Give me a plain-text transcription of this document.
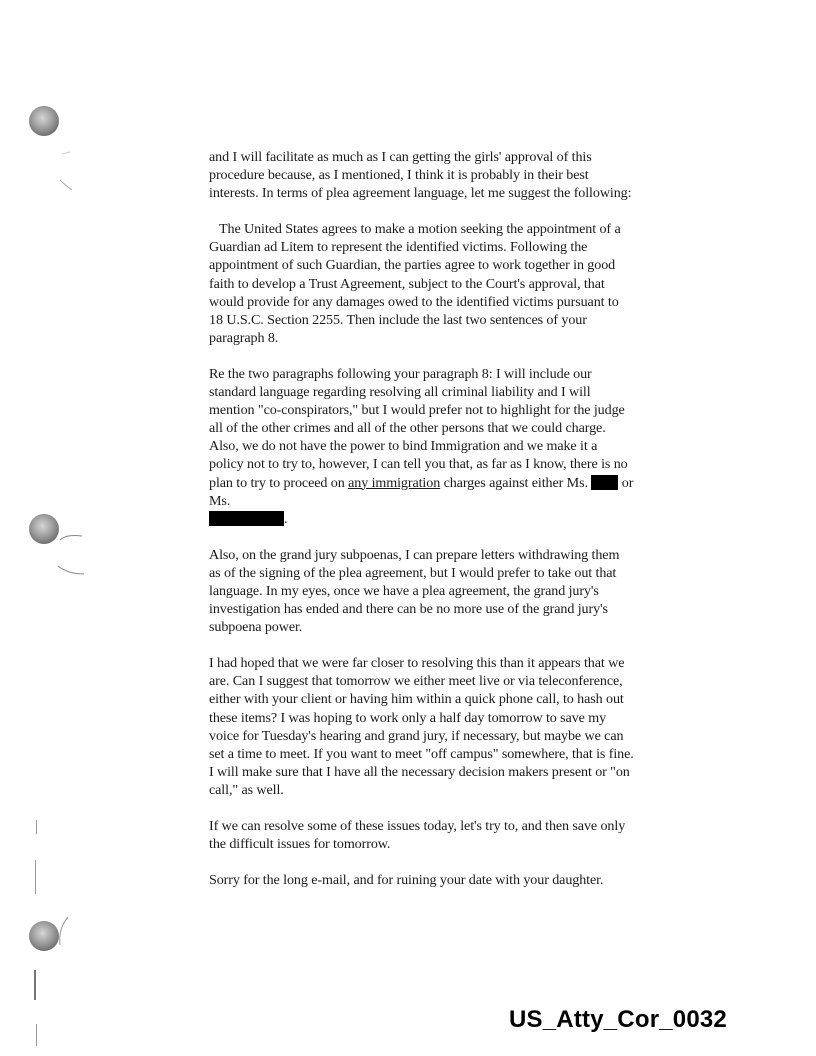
and I will facilitate as much as I can getting the girls' approval of this procedure because, as I mentioned, I think it is probably in their best interests. In terms of plea agreement language, let me suggest the following:

The United States agrees to make a motion seeking the appointment of a Guardian ad Litem to represent the identified victims. Following the appointment of such Guardian, the parties agree to work together in good faith to develop a Trust Agreement, subject to the Court's approval, that would provide for any damages owed to the identified victims pursuant to 18 U.S.C. Section 2255. Then include the last two sentences of your paragraph 8.

Re the two paragraphs following your paragraph 8: I will include our standard language regarding resolving all criminal liability and I will mention "co-conspirators," but I would prefer not to highlight for the judge all of the other crimes and all of the other persons that we could charge. Also, we do not have the power to bind Immigration and we make it a policy not to try to, however, I can tell you that, as far as I know, there is no plan to try to proceed on any immigration charges against either Ms. or Ms.
.

Also, on the grand jury subpoenas, I can prepare letters withdrawing them as of the signing of the plea agreement, but I would prefer to take out that language. In my eyes, once we have a plea agreement, the grand jury's investigation has ended and there can be no more use of the grand jury's subpoena power.

I had hoped that we were far closer to resolving this than it appears that we are. Can I suggest that tomorrow we either meet live or via teleconference, either with your client or having him within a quick phone call, to hash out these items? I was hoping to work only a half day tomorrow to save my voice for Tuesday's hearing and grand jury, if necessary, but maybe we can set a time to meet. If you want to meet "off campus" somewhere, that is fine. I will make sure that I have all the necessary decision makers present or "on call," as well.

If we can resolve some of these issues today, let's try to, and then save only the difficult issues for tomorrow.

Sorry for the long e-mail, and for ruining your date with your daughter.

US_Atty_Cor_0032
